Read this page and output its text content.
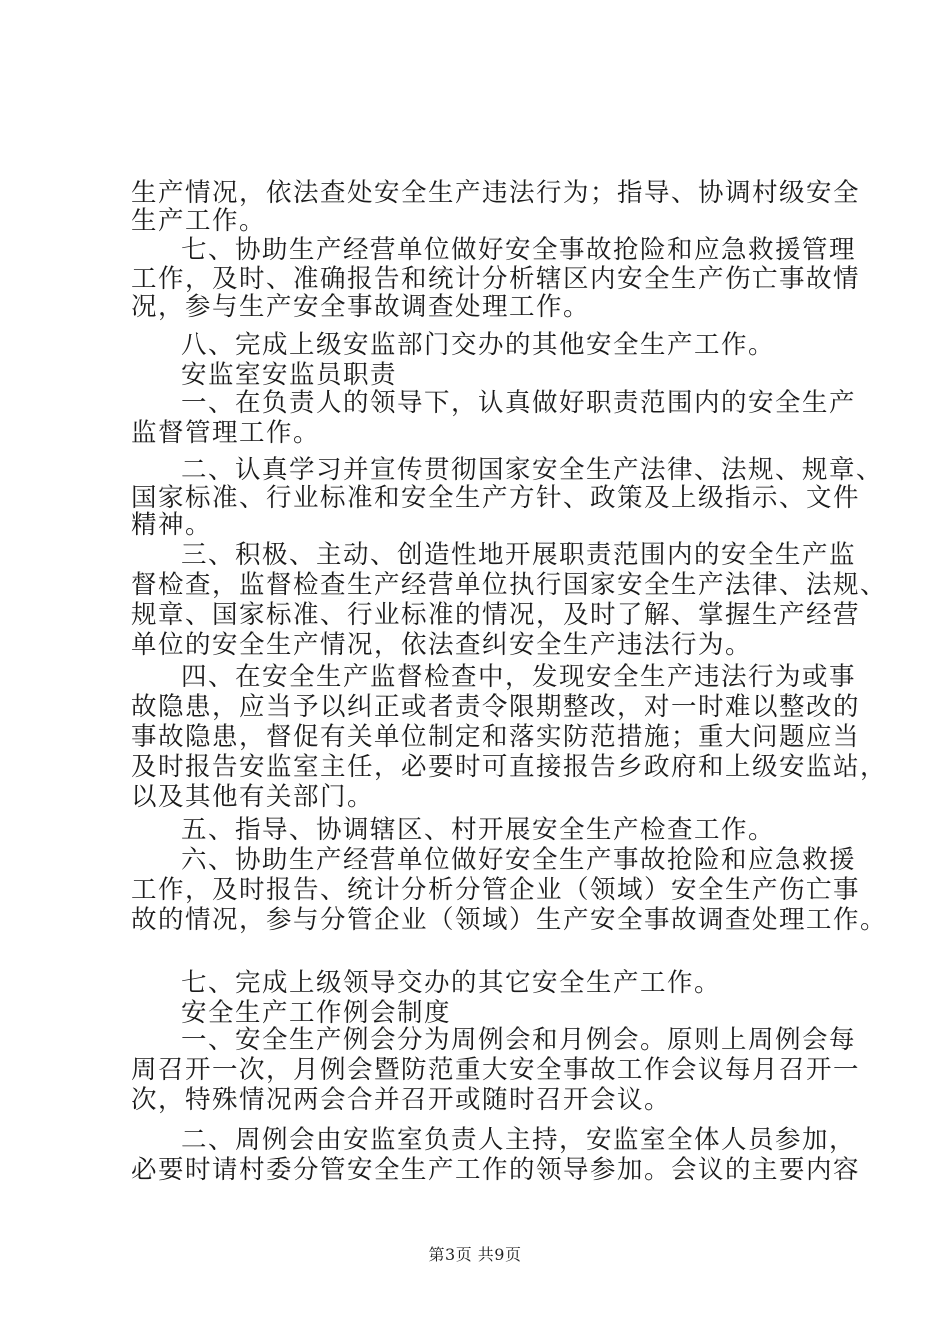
生产情况，依法查处安全生产违法行为；指导、协调村级安全
生产工作。
七、协助生产经营单位做好安全事故抢险和应急救援管理
工作，及时、准确报告和统计分析辖区内安全生产伤亡事故情
况，参与生产安全事故调查处理工作。
八、完成上级安监部门交办的其他安全生产工作。
安监室安监员职责
一、在负责人的领导下，认真做好职责范围内的安全生产
监督管理工作。
二、认真学习并宣传贯彻国家安全生产法律、法规、规章、
国家标准、行业标准和安全生产方针、政策及上级指示、文件
精神。
三、积极、主动、创造性地开展职责范围内的安全生产监
督检查，监督检查生产经营单位执行国家安全生产法律、法规、
规章、国家标准、行业标准的情况，及时了解、掌握生产经营
单位的安全生产情况，依法查纠安全生产违法行为。
四、在安全生产监督检查中，发现安全生产违法行为或事
故隐患，应当予以纠正或者责令限期整改，对一时难以整改的
事故隐患，督促有关单位制定和落实防范措施；重大问题应当
及时报告安监室主任，必要时可直接报告乡政府和上级安监站，
以及其他有关部门。
五、指导、协调辖区、村开展安全生产检查工作。
六、协助生产经营单位做好安全生产事故抢险和应急救援
工作，及时报告、统计分析分管企业（领域）安全生产伤亡事
故的情况，参与分管企业（领域）生产安全事故调查处理工作。
七、完成上级领导交办的其它安全生产工作。
安全生产工作例会制度
一、安全生产例会分为周例会和月例会。原则上周例会每
周召开一次，月例会暨防范重大安全事故工作会议每月召开一
次，特殊情况两会合并召开或随时召开会议。
二、周例会由安监室负责人主持，安监室全体人员参加，
必要时请村委分管安全生产工作的领导参加。会议的主要内容
第3页 共9页
